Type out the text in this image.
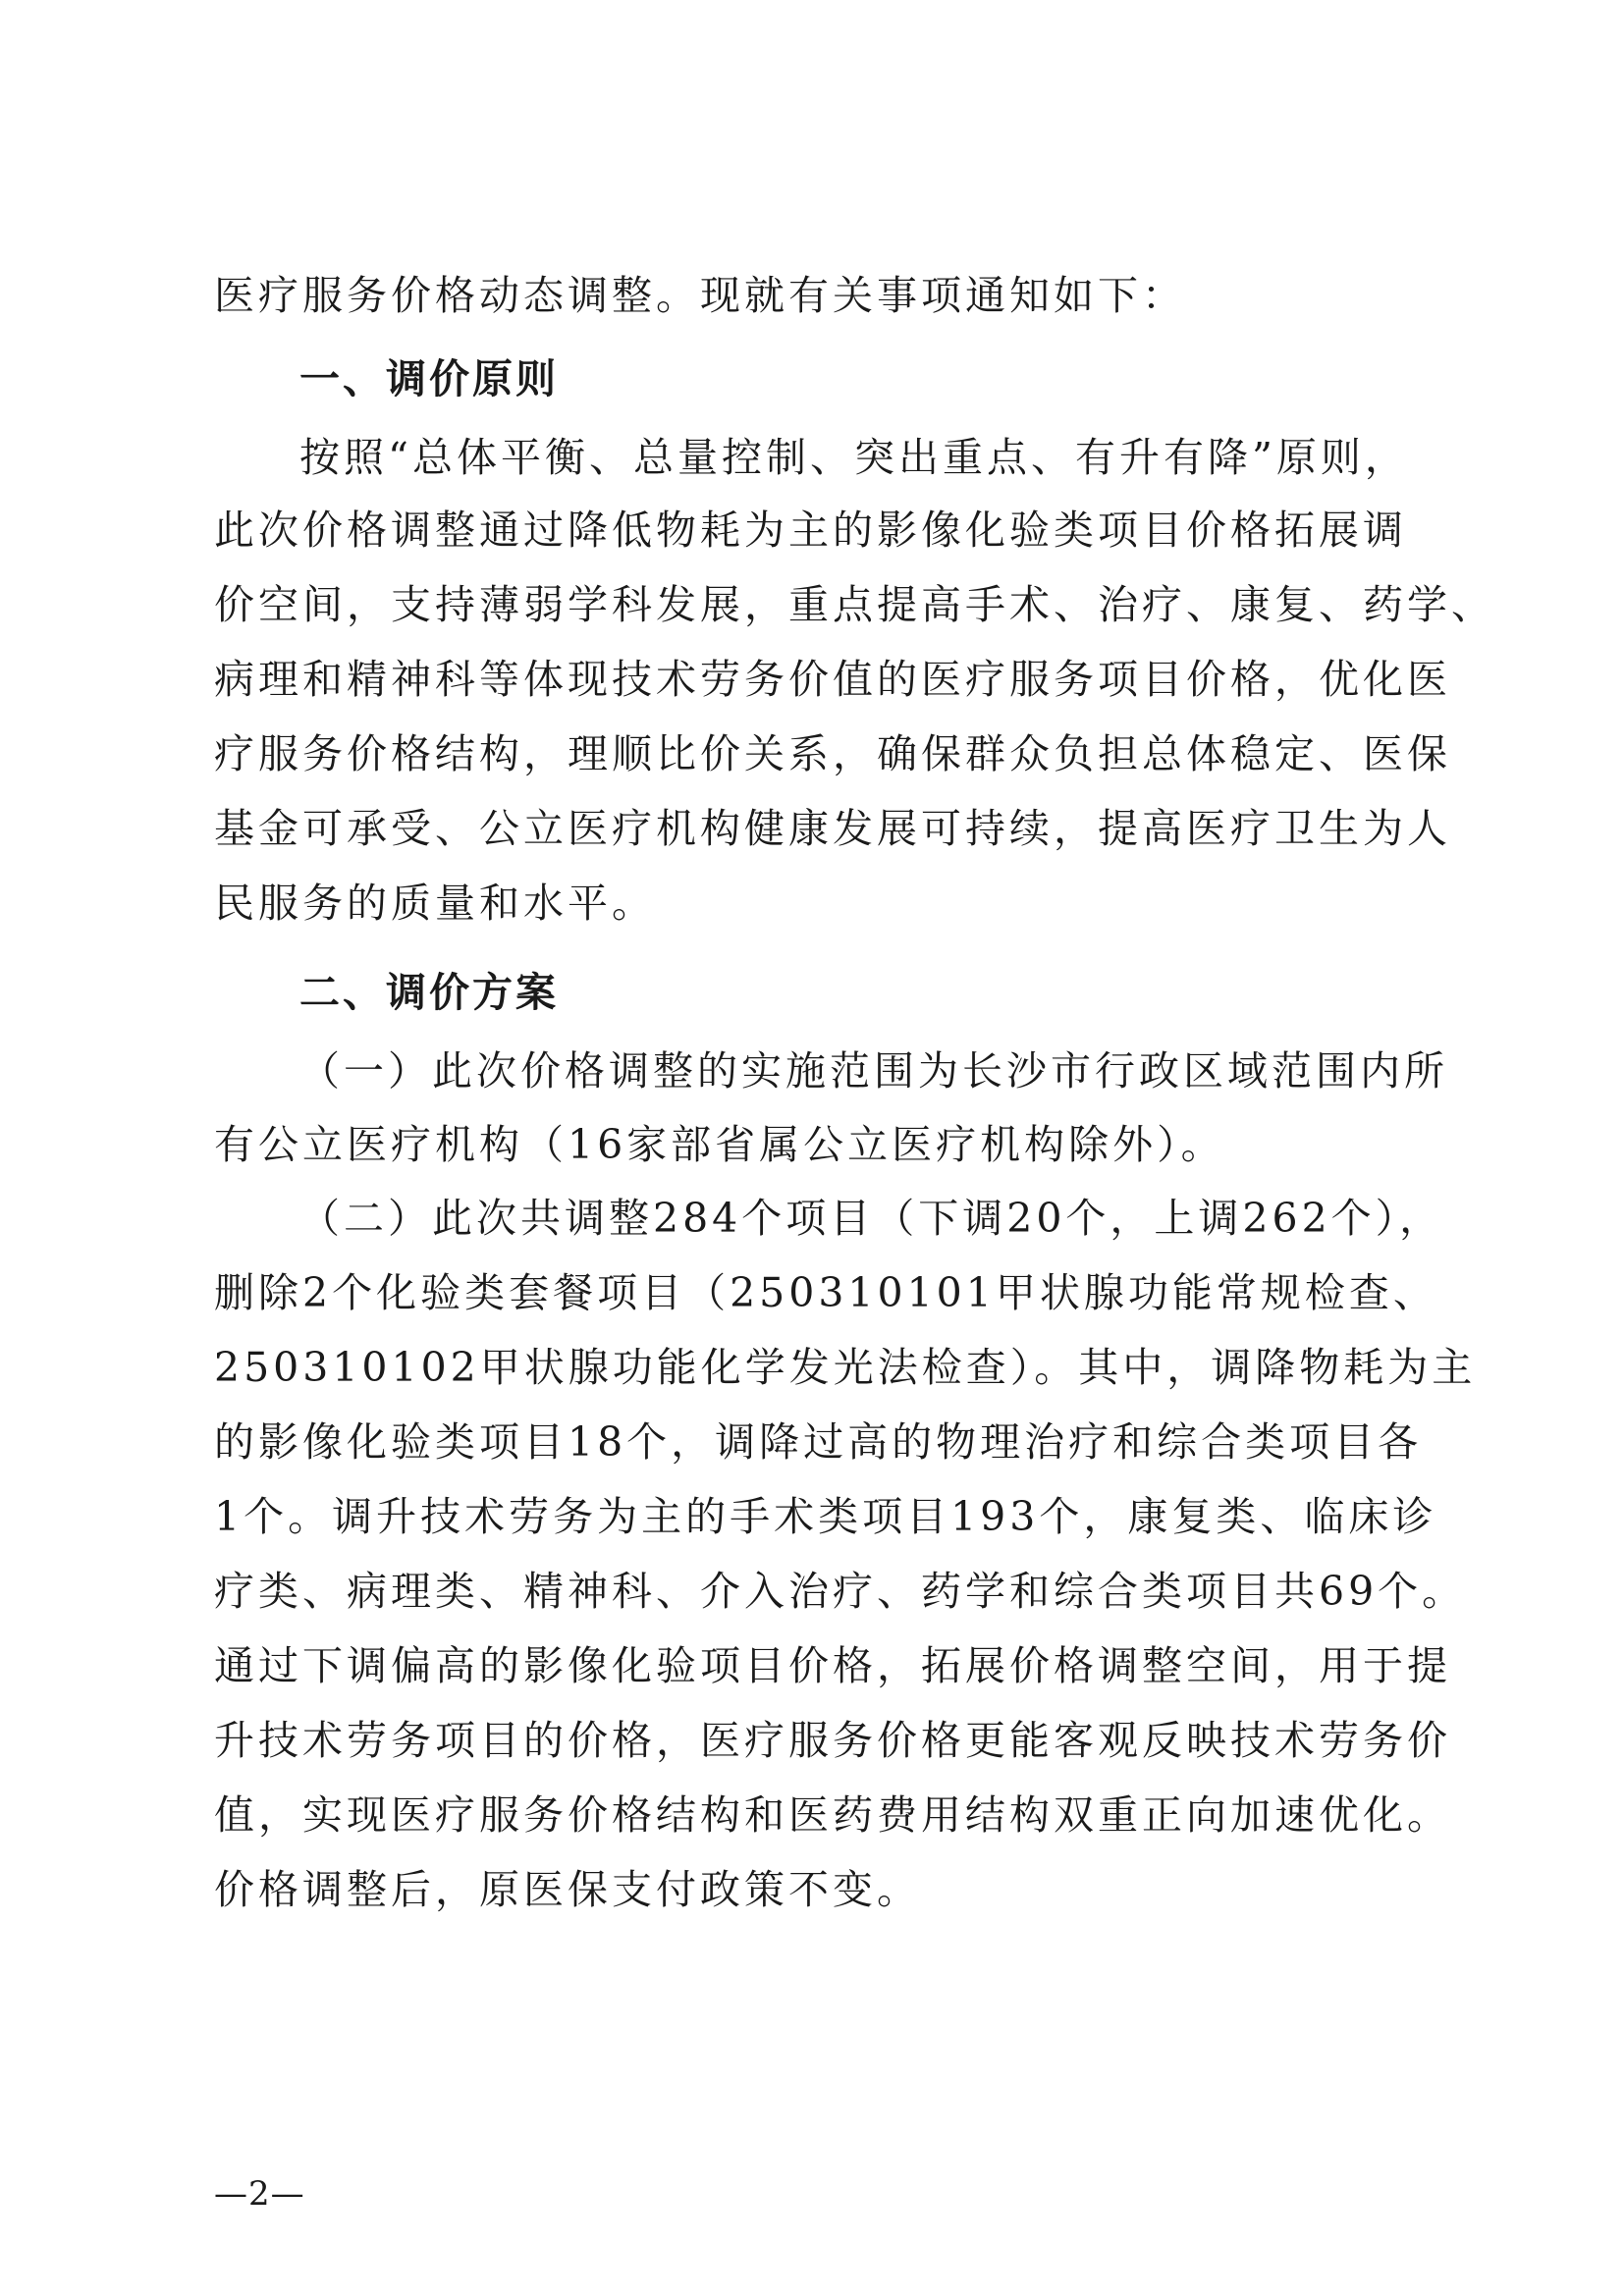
医疗服务价格动态调整。现就有关事项通知如下：
一、调价原则
按照“总体平衡、总量控制、突出重点、有升有降”原则，
此次价格调整通过降低物耗为主的影像化验类项目价格拓展调
价空间，支持薄弱学科发展，重点提高手术、治疗、康复、药学、
病理和精神科等体现技术劳务价值的医疗服务项目价格，优化医
疗服务价格结构，理顺比价关系，确保群众负担总体稳定、医保
基金可承受、公立医疗机构健康发展可持续，提高医疗卫生为人
民服务的质量和水平。
二、调价方案
（一）此次价格调整的实施范围为长沙市行政区域范围内所
有公立医疗机构（16家部省属公立医疗机构除外）。
（二）此次共调整284个项目（下调20个，上调262个），
删除2个化验类套餐项目（250310101甲状腺功能常规检查、
250310102甲状腺功能化学发光法检查）。其中，调降物耗为主
的影像化验类项目18个，调降过高的物理治疗和综合类项目各
1个。调升技术劳务为主的手术类项目193个，康复类、临床诊
疗类、病理类、精神科、介入治疗、药学和综合类项目共69个。
通过下调偏高的影像化验项目价格，拓展价格调整空间，用于提
升技术劳务项目的价格，医疗服务价格更能客观反映技术劳务价
值，实现医疗服务价格结构和医药费用结构双重正向加速优化。
价格调整后，原医保支付政策不变。
—2—
